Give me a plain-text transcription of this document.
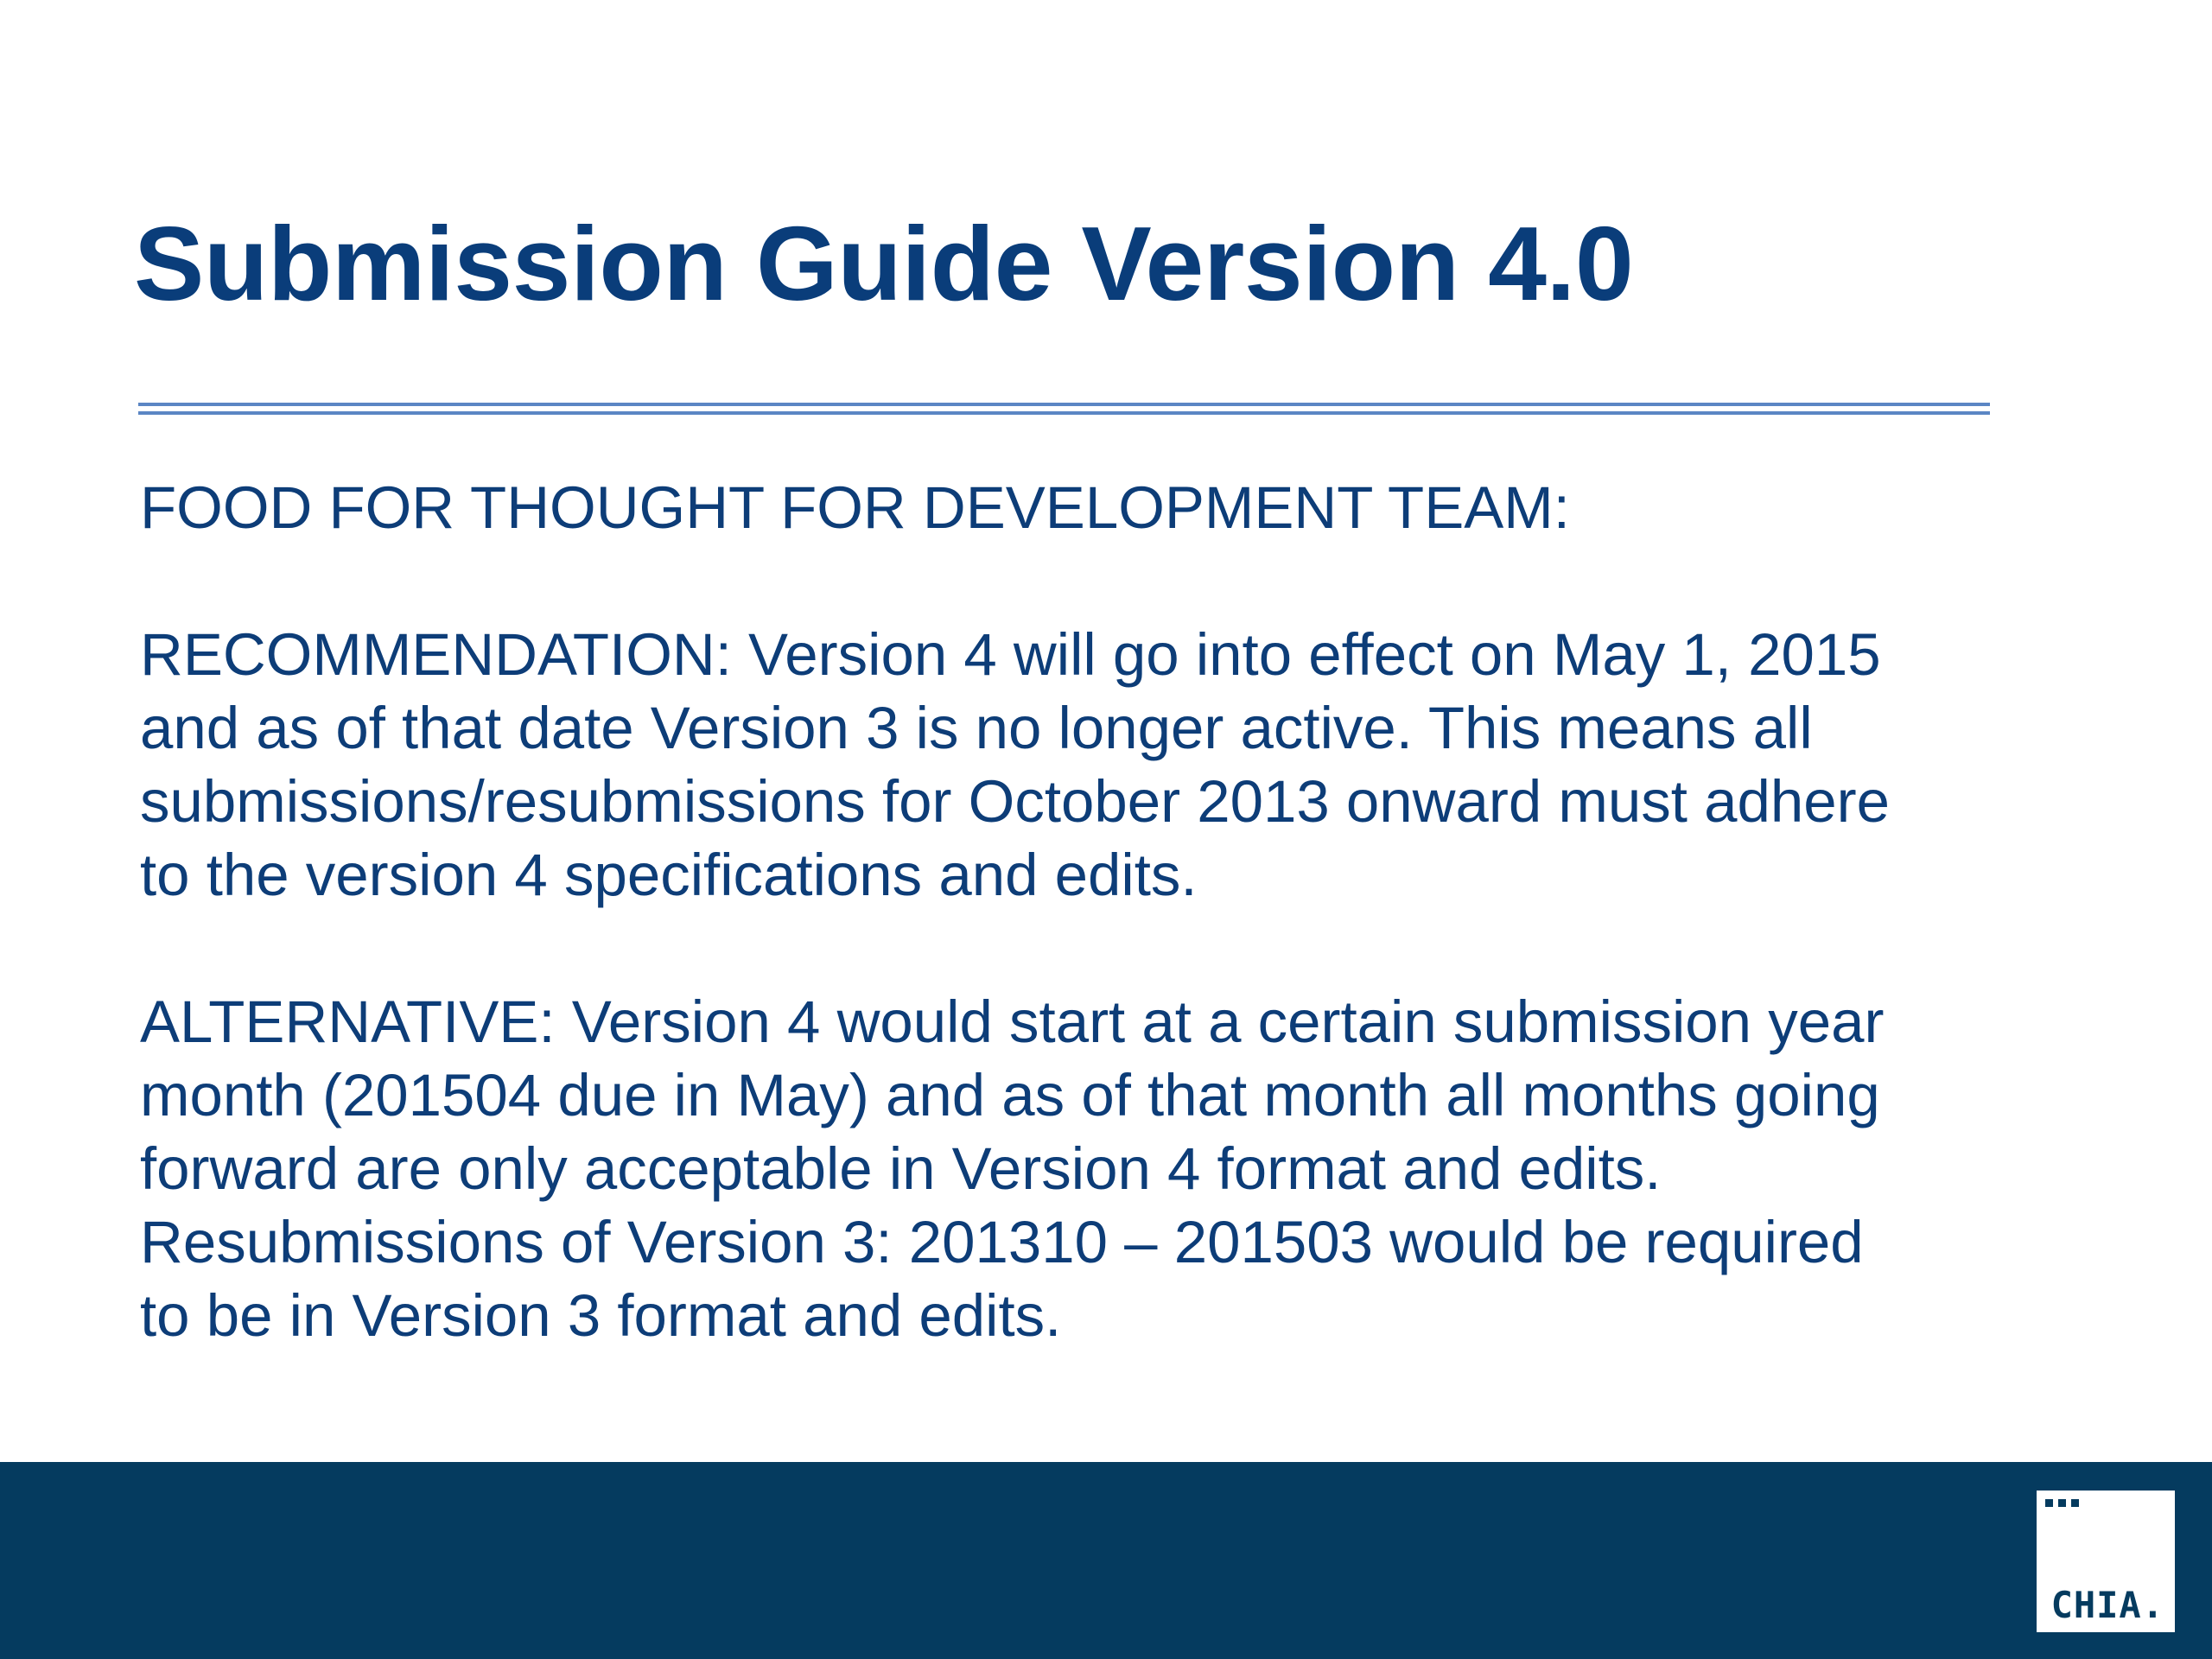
Submission Guide Version 4.0

FOOD FOR THOUGHT FOR DEVELOPMENT TEAM:

RECOMMENDATION: Version 4 will go into effect on May 1, 2015
and as of that date Version 3 is no longer active. This means all
submissions/resubmissions for October 2013 onward must adhere
to the version 4 specifications and edits.

ALTERNATIVE: Version 4 would start at a certain submission year
month (201504 due in May) and as of that month all months going
forward are only acceptable in Version 4 format and edits.
Resubmissions of Version 3: 201310 – 201503 would be required
to be in Version 3 format and edits.

CHIA.
